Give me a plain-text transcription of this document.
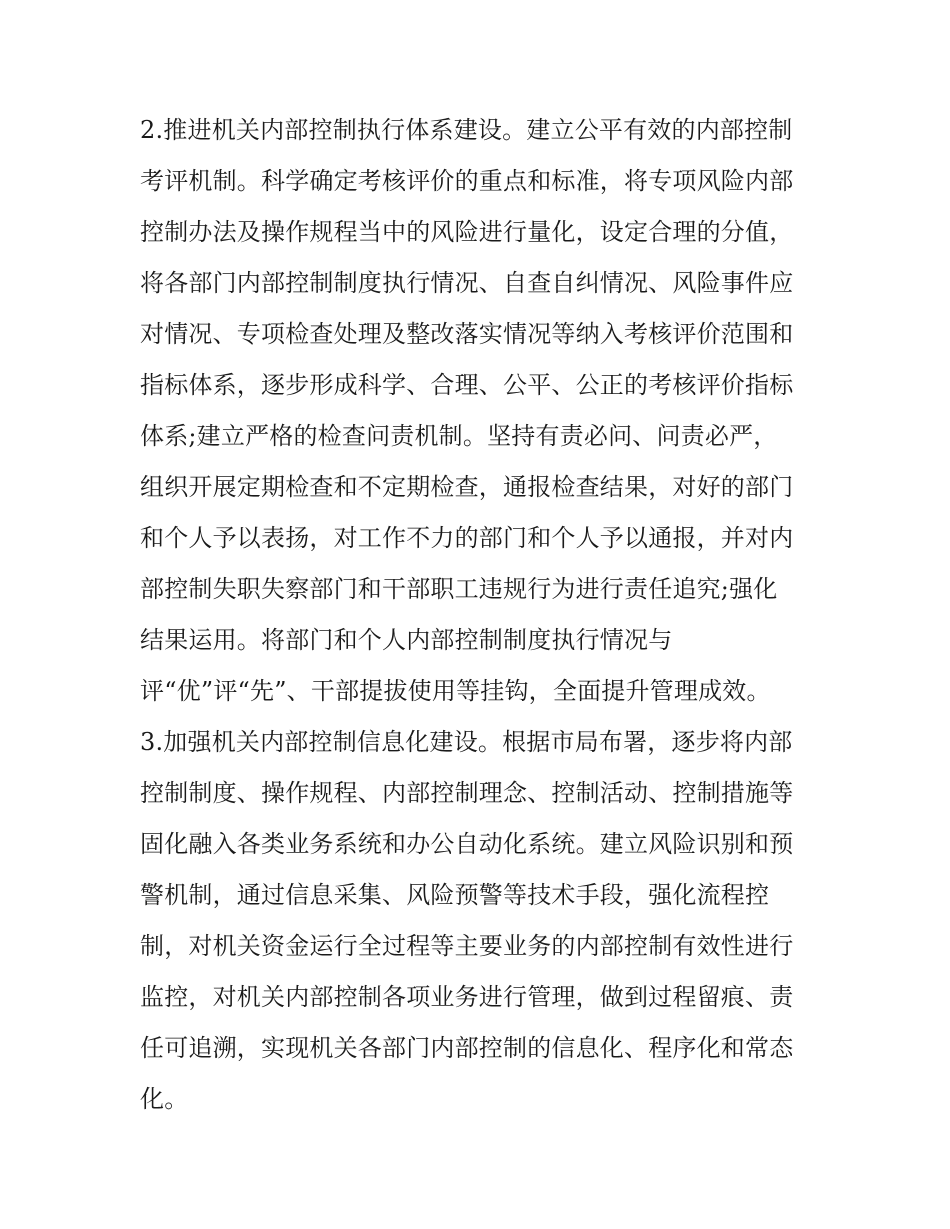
2.推进机关内部控制执行体系建设。建立公平有效的内部控制
考评机制。科学确定考核评价的重点和标准，将专项风险内部
控制办法及操作规程当中的风险进行量化，设定合理的分值，
将各部门内部控制制度执行情况、自查自纠情况、风险事件应
对情况、专项检查处理及整改落实情况等纳入考核评价范围和
指标体系，逐步形成科学、合理、公平、公正的考核评价指标
体系;建立严格的检查问责机制。坚持有责必问、问责必严，
组织开展定期检查和不定期检查，通报检查结果，对好的部门
和个人予以表扬，对工作不力的部门和个人予以通报，并对内
部控制失职失察部门和干部职工违规行为进行责任追究;强化
结果运用。将部门和个人内部控制制度执行情况与
评“优”评“先”、干部提拔使用等挂钩，全面提升管理成效。
3.加强机关内部控制信息化建设。根据市局布署，逐步将内部
控制制度、操作规程、内部控制理念、控制活动、控制措施等
固化融入各类业务系统和办公自动化系统。建立风险识别和预
警机制，通过信息采集、风险预警等技术手段，强化流程控
制，对机关资金运行全过程等主要业务的内部控制有效性进行
监控，对机关内部控制各项业务进行管理，做到过程留痕、责
任可追溯，实现机关各部门内部控制的信息化、程序化和常态
化。
